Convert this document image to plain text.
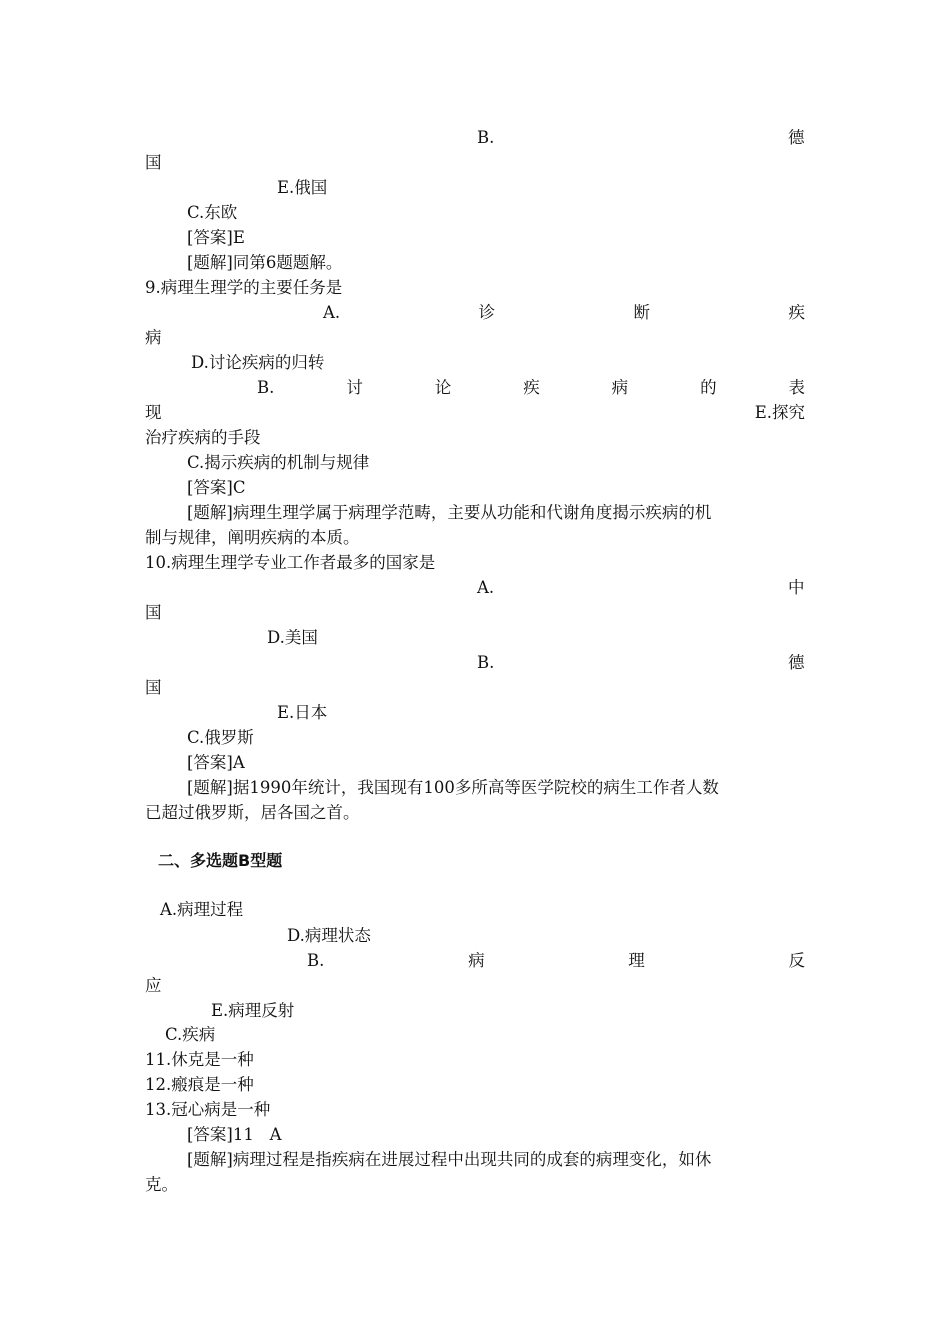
B.	德
国
E.俄国
C.东欧
[答案]E
[题解]同第6题题解。
9.病理生理学的主要任务是
A.	诊	断	疾
病
D.讨论疾病的归转
B.	讨	论	疾	病	的	表
现	E.探究
治疗疾病的手段
C.揭示疾病的机制与规律
[答案]C
[题解]病理生理学属于病理学范畴，主要从功能和代谢角度揭示疾病的机
制与规律，阐明疾病的本质。
10.病理生理学专业工作者最多的国家是
A.	中
国
D.美国
B.	德
国
E.日本
C.俄罗斯
[答案]A
[题解]据1990年统计，我国现有100多所高等医学院校的病生工作者人数
已超过俄罗斯，居各国之首。
二、多选题B型题
A.病理过程
D.病理状态
B.	病	理	反
应
E.病理反射
C.疾病
11.休克是一种
12.瘢痕是一种
13.冠心病是一种
[答案]11   A
[题解]病理过程是指疾病在进展过程中出现共同的成套的病理变化，如休
克。
